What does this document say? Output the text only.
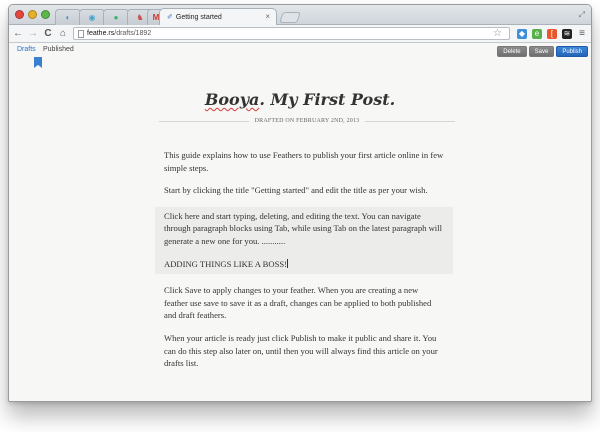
◐ ◉ ● ♞ M ✐ Getting started	×	⤢
← → C ⌂	feathe.rs/drafts/1892	☆ ◆	e	[	≋ ≡
Drafts Published	Delete	Save	Publish
Booya. My First Post.
DRAFTED ON FEBRUARY 2ND, 2013

This guide explains how to use Feathers to publish your first article online in few simple steps.

Start by clicking the title "Getting started" and edit the title as per your wish.

Click here and start typing, deleting, and editing the text. You can navigate through paragraph blocks using Tab, while using Tab on the latest paragraph will generate a new one for you. ...........

ADDING THINGS LIKE A BOSS!

Click Save to apply changes to your feather. When you are creating a new feather use save to save it as a draft, changes can be applied to both published and draft feathers.

When your article is ready just click Publish to make it public and share it. You can do this step also later on, until then you will always find this article on your drafts list.
